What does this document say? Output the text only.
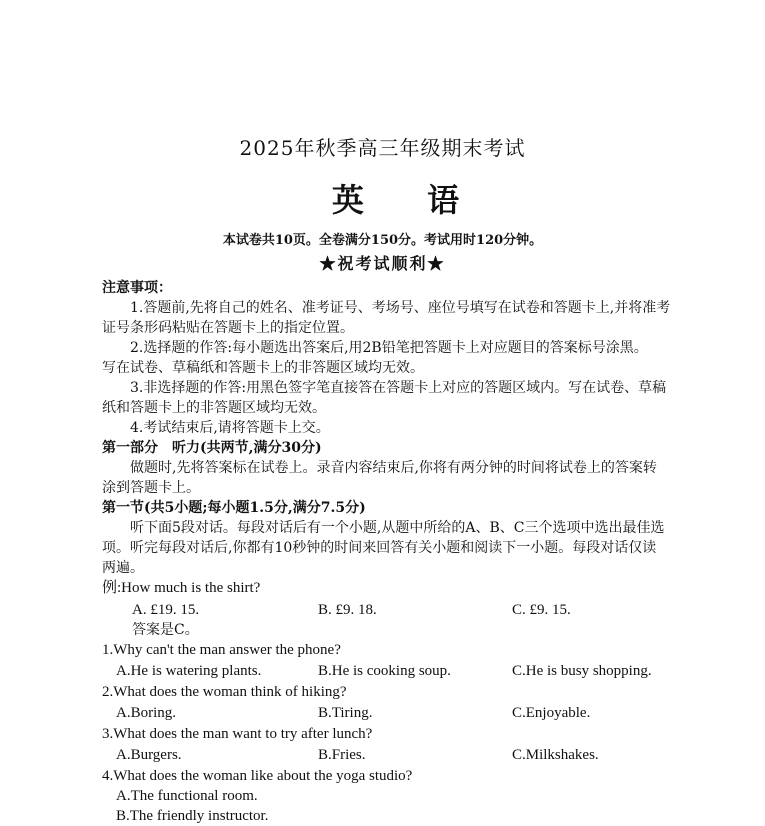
2025年秋季高三年级期末考试
英 语
本试卷共10页。全卷满分150分。考试用时120分钟。
★祝考试顺利★
注意事项：
1.答题前,先将自己的姓名、准考证号、考场号、座位号填写在试卷和答题卡上,并将准考
证号条形码粘贴在答题卡上的指定位置。
2.选择题的作答:每小题选出答案后,用2B铅笔把答题卡上对应题目的答案标号涂黑。
写在试卷、草稿纸和答题卡上的非答题区域均无效。
3.非选择题的作答:用黑色签字笔直接答在答题卡上对应的答题区域内。写在试卷、草稿
纸和答题卡上的非答题区域均无效。
4.考试结束后,请将答题卡上交。
第一部分　听力(共两节,满分30分)
做题时,先将答案标在试卷上。录音内容结束后,你将有两分钟的时间将试卷上的答案转
涂到答题卡上。
第一节(共5小题;每小题1.5分,满分7.5分)
听下面5段对话。每段对话后有一个小题,从题中所给的A、B、C三个选项中选出最佳选
项。听完每段对话后,你都有10秒钟的时间来回答有关小题和阅读下一小题。每段对话仅读
两遍。
例:How much is the shirt?
A. £19. 15.	B. £9. 18.	C. £9. 15.
答案是C。
1.Why can't the man answer the phone?
A.He is watering plants.	B.He is cooking soup.	C.He is busy shopping.
2.What does the woman think of hiking?
A.Boring.	B.Tiring.	C.Enjoyable.
3.What does the man want to try after lunch?
A.Burgers.	B.Fries.	C.Milkshakes.
4.What does the woman like about the yoga studio?
A.The functional room.
B.The friendly instructor.
